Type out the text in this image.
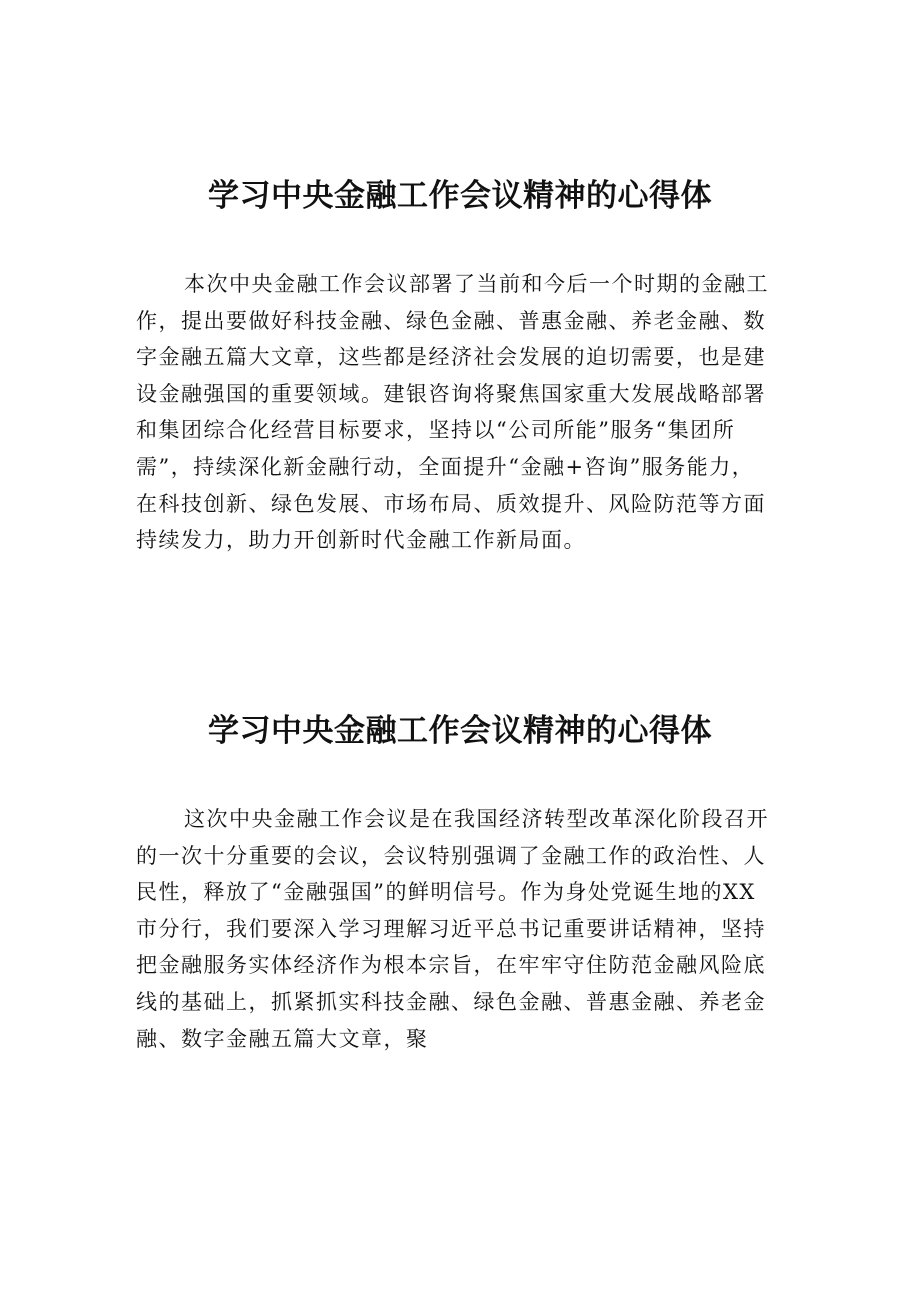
学习中央金融工作会议精神的心得体
本次中央金融工作会议部署了当前和今后一个时期的金融工
作，提出要做好科技金融、绿色金融、普惠金融、养老金融、数
字金融五篇大文章，这些都是经济社会发展的迫切需要，也是建
设金融强国的重要领域。建银咨询将聚焦国家重大发展战略部署
和集团综合化经营目标要求，坚持以“公司所能”服务“集团所
需”，持续深化新金融行动，全面提升“金融+咨询”服务能力，
在科技创新、绿色发展、市场布局、质效提升、风险防范等方面
持续发力，助力开创新时代金融工作新局面。
学习中央金融工作会议精神的心得体
这次中央金融工作会议是在我国经济转型改革深化阶段召开
的一次十分重要的会议，会议特别强调了金融工作的政治性、人
民性，释放了“金融强国”的鲜明信号。作为身处党诞生地的XX
市分行，我们要深入学习理解习近平总书记重要讲话精神，坚持
把金融服务实体经济作为根本宗旨，在牢牢守住防范金融风险底
线的基础上，抓紧抓实科技金融、绿色金融、普惠金融、养老金
融、数字金融五篇大文章，聚
